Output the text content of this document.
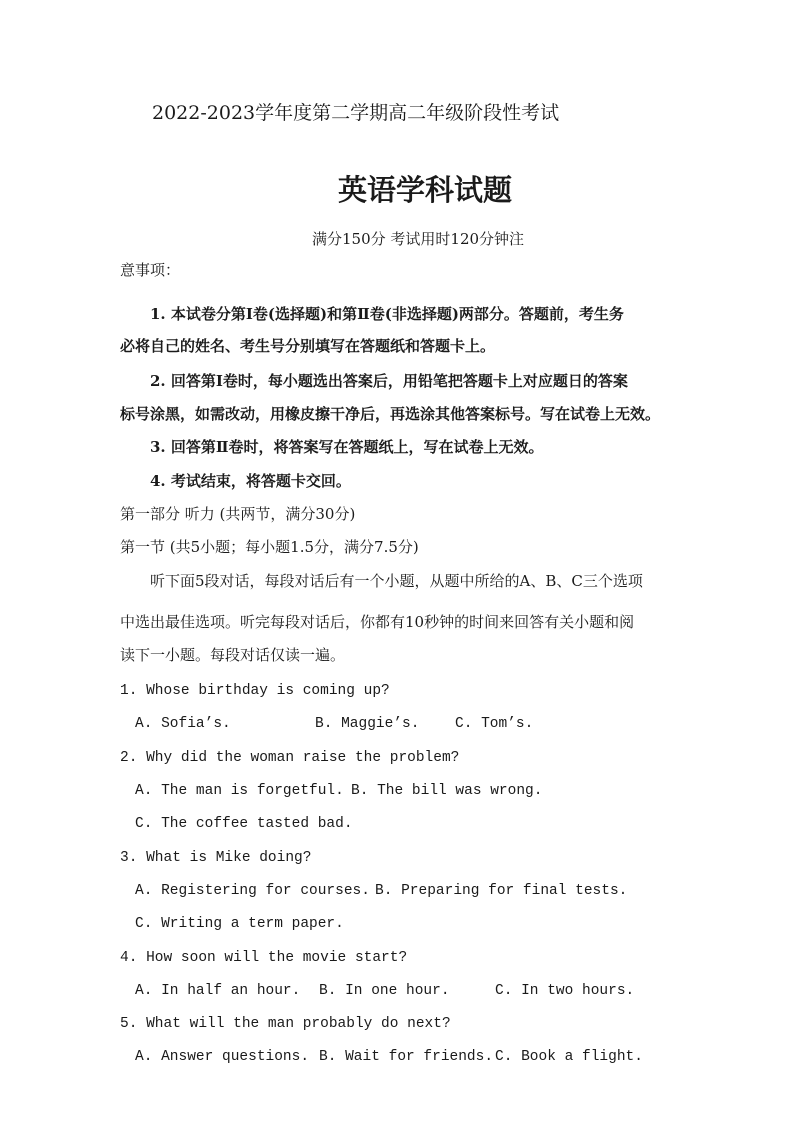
2022-2023学年度第二学期高二年级阶段性考试
英语学科试题
满分150分 考试用时120分钟注
意事项：
1. 本试卷分第Ⅰ卷(选择题)和第Ⅱ卷(非选择题)两部分。答题前，考生务
必将自己的姓名、考生号分别填写在答题纸和答题卡上。
2. 回答第Ⅰ卷时，每小题选出答案后，用铅笔把答题卡上对应题日的答案
标号涂黑，如需改动，用橡皮擦干净后，再选涂其他答案标号。写在试卷上无效。
3. 回答第Ⅱ卷时，将答案写在答题纸上，写在试卷上无效。
4. 考试结束，将答题卡交回。
第一部分 听力 (共两节，满分30分)
第一节 (共5小题；每小题1.5分，满分7.5分)
听下面5段对话，每段对话后有一个小题，从题中所给的A、B、C三个选项
中选出最佳选项。听完每段对话后，你都有10秒钟的时间来回答有关小题和阅
读下一小题。每段对话仅读一遍。
1. Whose birthday is coming up?
A. Sofia’s.	B. Maggie’s. C. Tom’s.
2. Why did the woman raise the problem?
A. The man is forgetful. B. The bill was wrong.
C. The coffee tasted bad.
3. What is Mike doing?
A. Registering for courses. B. Preparing for final tests.
C. Writing a term paper.
4. How soon will the movie start?
A. In half an hour. B. In one hour.	C. In two hours.
5. What will the man probably do next?
A. Answer questions. B. Wait for friends. C. Book a flight.
